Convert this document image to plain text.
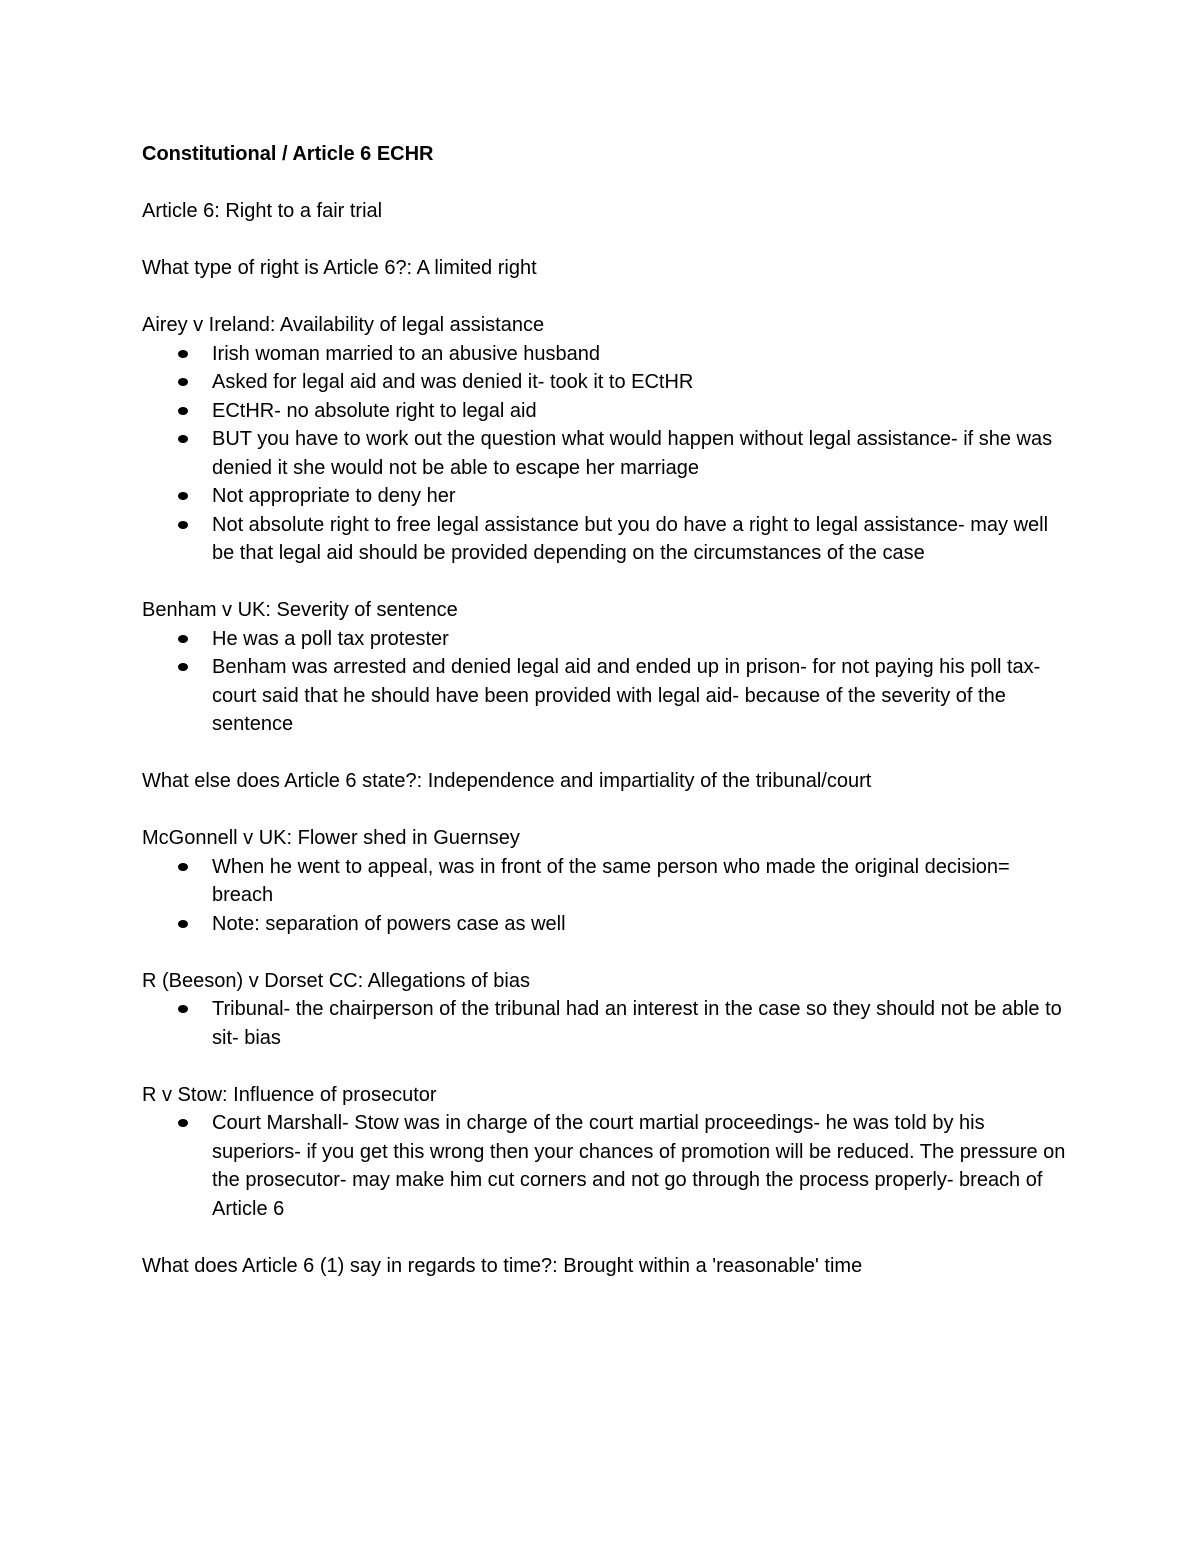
Constitutional / Article 6 ECHR
Article 6: Right to a fair trial
What type of right is Article 6?: A limited right
Airey v Ireland: Availability of legal assistance
Irish woman married to an abusive husband
Asked for legal aid and was denied it- took it to ECtHR
ECtHR- no absolute right to legal aid
BUT you have to work out the question what would happen without legal assistance- if she was denied it she would not be able to escape her marriage
Not appropriate to deny her
Not absolute right to free legal assistance but you do have a right to legal assistance- may well be that legal aid should be provided depending on the circumstances of the case
Benham v UK: Severity of sentence
He was a poll tax protester
Benham was arrested and denied legal aid and ended up in prison- for not paying his poll tax- court said that he should have been provided with legal aid- because of the severity of the sentence
What else does Article 6 state?: Independence and impartiality of the tribunal/court
McGonnell v UK: Flower shed in Guernsey
When he went to appeal, was in front of the same person who made the original decision= breach
Note: separation of powers case as well
R (Beeson) v Dorset CC: Allegations of bias
Tribunal- the chairperson of the tribunal had an interest in the case so they should not be able to sit- bias
R v Stow: Influence of prosecutor
Court Marshall- Stow was in charge of the court martial proceedings- he was told by his superiors- if you get this wrong then your chances of promotion will be reduced. The pressure on the prosecutor- may make him cut corners and not go through the process properly- breach of Article 6
What does Article 6 (1) say in regards to time?: Brought within a 'reasonable' time
